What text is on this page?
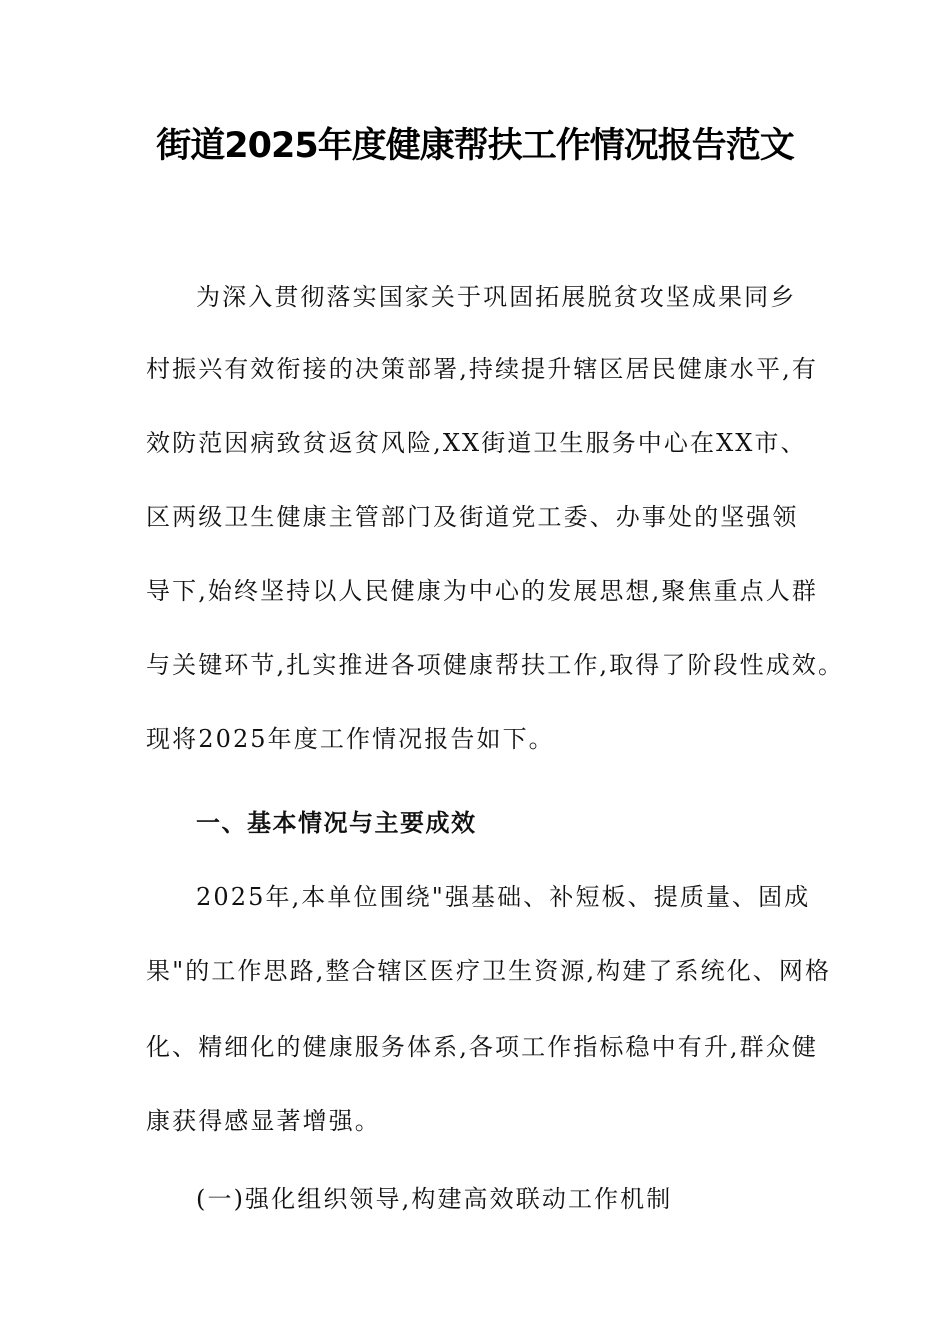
街道2025年度健康帮扶工作情况报告范文
为深入贯彻落实国家关于巩固拓展脱贫攻坚成果同乡
村振兴有效衔接的决策部署,持续提升辖区居民健康水平,有
效防范因病致贫返贫风险,XX街道卫生服务中心在XX市、
区两级卫生健康主管部门及街道党工委、办事处的坚强领
导下,始终坚持以人民健康为中心的发展思想,聚焦重点人群
与关键环节,扎实推进各项健康帮扶工作,取得了阶段性成效。
现将2025年度工作情况报告如下。
一、基本情况与主要成效
2025年,本单位围绕"强基础、补短板、提质量、固成
果"的工作思路,整合辖区医疗卫生资源,构建了系统化、网格
化、精细化的健康服务体系,各项工作指标稳中有升,群众健
康获得感显著增强。
(一)强化组织领导,构建高效联动工作机制
